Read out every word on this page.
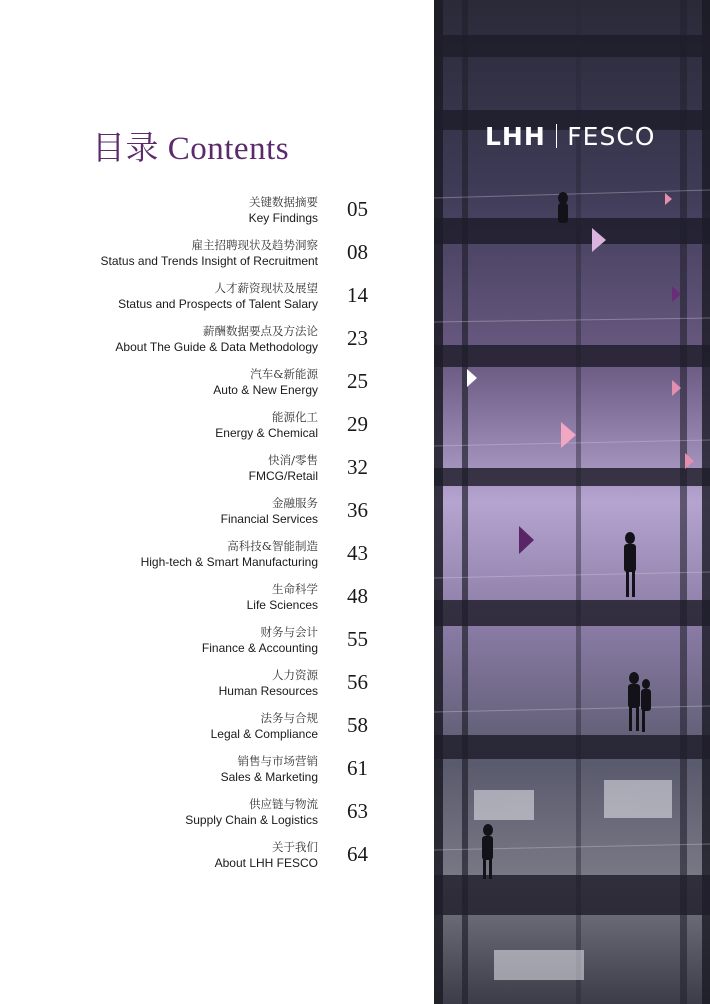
目录 Contents
关键数据摘要
Key Findings 05
雇主招聘现状及趋势洞察
Status and Trends Insight of Recruitment 08
人才薪资现状及展望
Status and Prospects of Talent Salary 14
薪酬数据要点及方法论
About The Guide & Data Methodology 23
汽车&新能源
Auto & New Energy 25
能源化工
Energy & Chemical 29
快消/零售
FMCG/Retail 32
金融服务
Financial Services 36
高科技&智能制造
High-tech & Smart Manufacturing 43
生命科学
Life Sciences 48
财务与会计
Finance & Accounting 55
人力资源
Human Resources 56
法务与合规
Legal & Compliance 58
销售与市场营销
Sales & Marketing 61
供应链与物流
Supply Chain & Logistics 63
关于我们
About LHH FESCO 64
LHH FESCO
